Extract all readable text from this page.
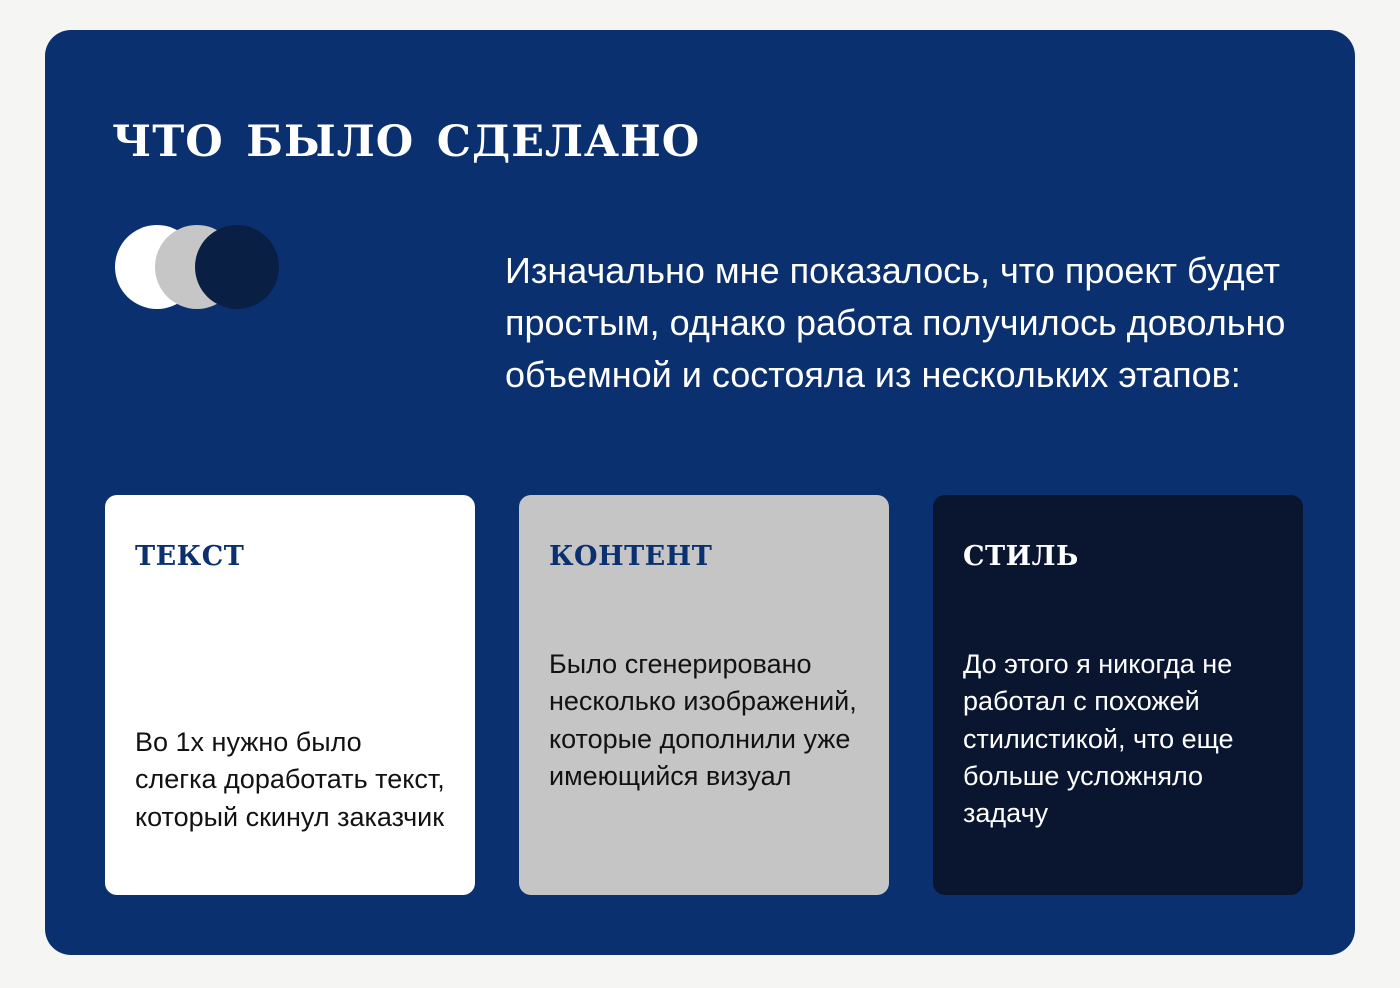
что было сделано
Изначально мне показалось, что проект будет простым, однако работа получилось довольно объемной и состояла из нескольких этапов:
текст
Во 1х нужно было слегка доработать текст, который скинул заказчик
контент
Было сгенерировано несколько изображений, которые дополнили уже имеющийся визуал
стиль
До этого я никогда не работал с похожей стилистикой, что еще больше усложняло задачу
